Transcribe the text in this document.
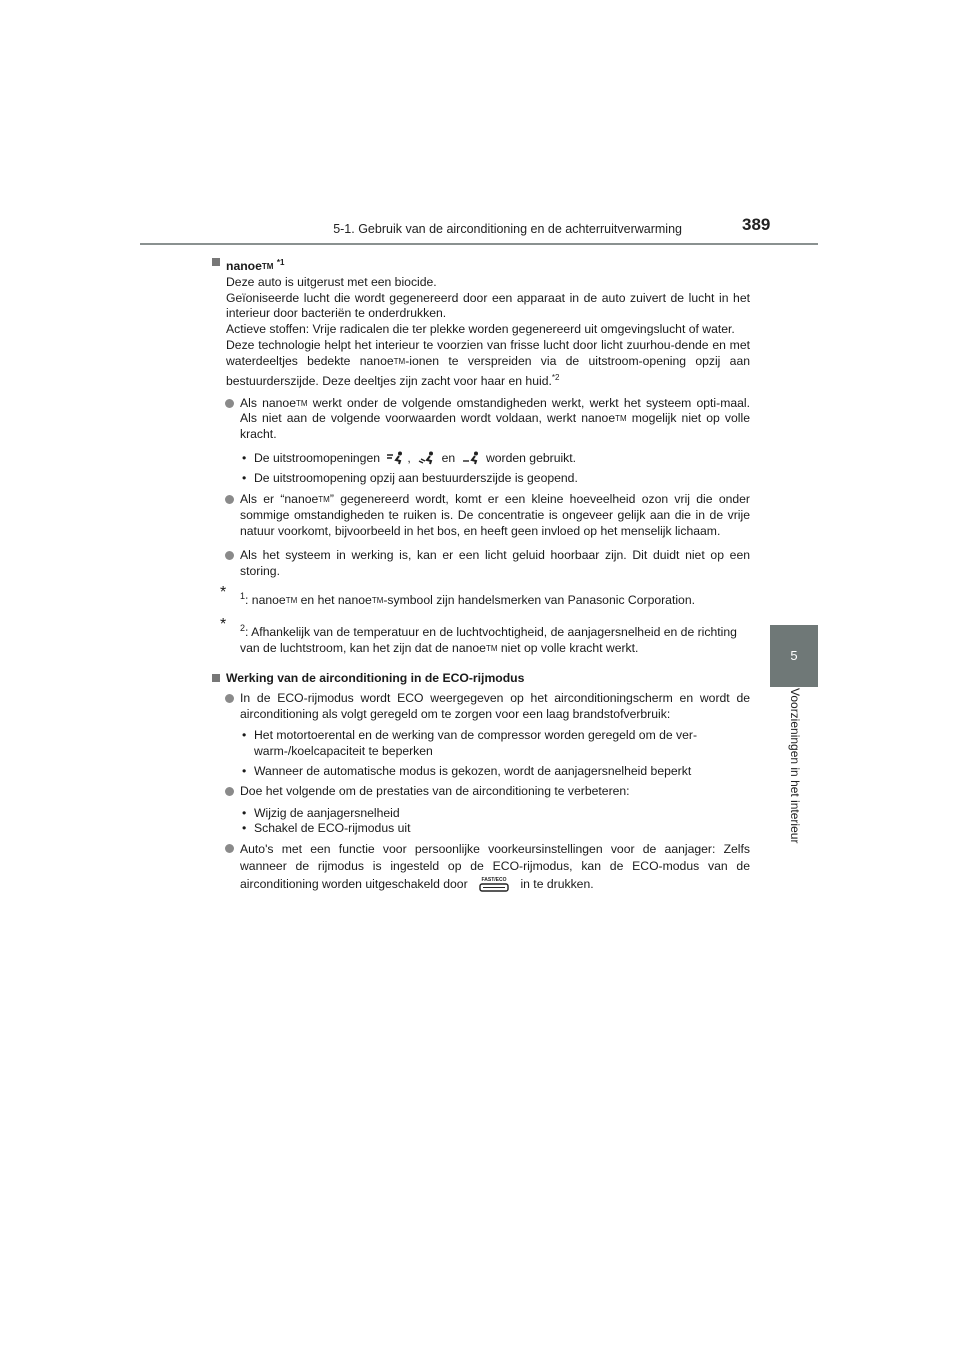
5-1. Gebruik van de airconditioning en de achterruitverwarming	389
5
Voorzieningen in het interieur
nanoeTM $^{*1}$

Deze auto is uitgerust met een biocide.

Geïoniseerde lucht die wordt gegenereerd door een apparaat in de auto zuivert de lucht in het interieur door bacteriën te onderdrukken.

Actieve stoffen: Vrije radicalen die ter plekke worden gegenereerd uit omgevingslucht of water.

Deze technologie helpt het interieur te voorzien van frisse lucht door licht zuurhou-dende en met waterdeeltjes bedekte nanoeTM-ionen te verspreiden via de uitstroom-opening opzij aan bestuurderszijde. Deze deeltjes zijn zacht voor haar en huid.$^{*2}$

Als nanoeTM werkt onder de volgende omstandigheden werkt, werkt het systeem opti-maal. Als niet aan de volgende voorwaarden wordt voldaan, werkt nanoeTM mogelijk niet op volle kracht.
• De uitstroomopeningen ,	en	worden gebruikt.
• De uitstroomopening opzij aan bestuurderszijde is geopend.
Als er “nanoeTM” gegenereerd wordt, komt er een kleine hoeveelheid ozon vrij die onder sommige omstandigheden te ruiken is. De concentratie is ongeveer gelijk aan die in de vrije natuur voorkomt, bijvoorbeeld in het bos, en heeft geen invloed op het menselijk lichaam.
Als het systeem in werking is, kan er een licht geluid hoorbaar zijn. Dit duidt niet op een storing.
* $^1$: nanoeTM en het nanoeTM-symbool zijn handelsmerken van Panasonic Corporation.
* $^2$: Afhankelijk van de temperatuur en de luchtvochtigheid, de aanjagersnelheid en de richting van de luchtstroom, kan het zijn dat de nanoeTM niet op volle kracht werkt.
Werking van de airconditioning in de ECO-rijmodus
In de ECO-rijmodus wordt ECO weergegeven op het airconditioningscherm en wordt de airconditioning als volgt geregeld om te zorgen voor een laag brandstofverbruik:
• Het motortoerental en de werking van de compressor worden geregeld om de ver-warm-/koelcapaciteit te beperken
• Wanneer de automatische modus is gekozen, wordt de aanjagersnelheid beperkt
Doe het volgende om de prestaties van de airconditioning te verbeteren:
• Wijzig de aanjagersnelheid
• Schakel de ECO-rijmodus uit
Auto's met een functie voor persoonlijke voorkeursinstellingen voor de aanjager: Zelfs wanneer de rijmodus is ingesteld op de ECO-rijmodus, kan de ECO-modus van de airconditioning worden uitgeschakeld door	FAST/ECO in te drukken.
